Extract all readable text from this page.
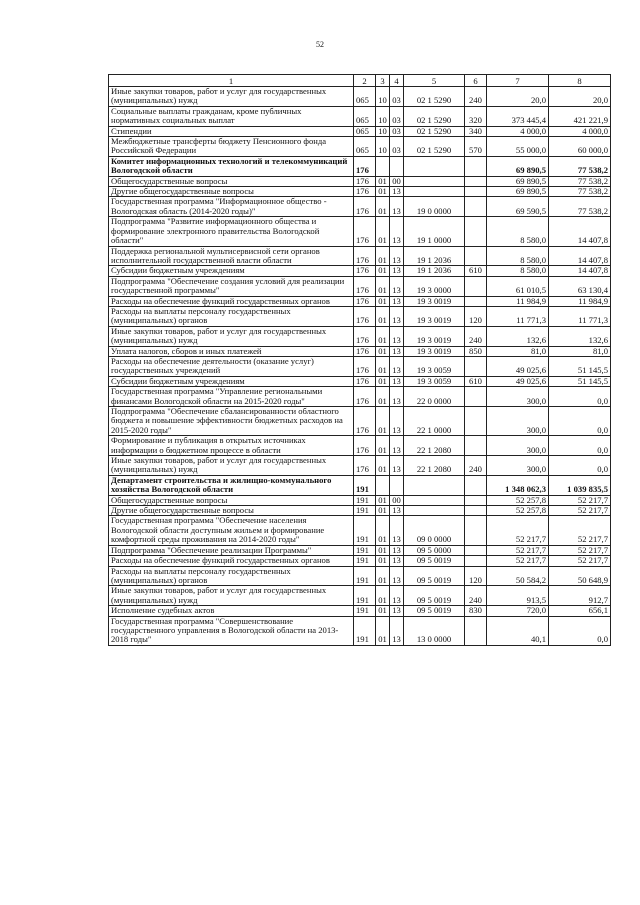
52
1	2	3	4	5	6	7	8
Иные закупки товаров, работ и услуг для государственных (муниципальных) нужд	065	10	03	02 1 5290	240	20,0	20,0
Социальные выплаты гражданам, кроме публичных нормативных социальных выплат	065	10	03	02 1 5290	320	373 445,4	421 221,9
Стипендии	065	10	03	02 1 5290	340	4 000,0	4 000,0
Межбюджетные трансферты бюджету Пенсионного фонда Российской Федерации	065	10	03	02 1 5290	570	55 000,0	60 000,0
Комитет информационных технологий и телекоммуникаций Вологодской области	176					69 890,5	77 538,2
Общегосударственные вопросы	176	01	00			69 890,5	77 538,2
Другие общегосударственные вопросы	176	01	13			69 890,5	77 538,2
Государственная программа "Информационное общество - Вологодская область (2014-2020 годы)"	176	01	13	19 0 0000		69 590,5	77 538,2
Подпрограмма "Развитие информационного общества и формирование электронного правительства Вологодской области"	176	01	13	19 1 0000		8 580,0	14 407,8
Поддержка региональной мультисервисной сети органов исполнительной государственной власти области	176	01	13	19 1 2036		8 580,0	14 407,8
Субсидии бюджетным учреждениям	176	01	13	19 1 2036	610	8 580,0	14 407,8
Подпрограмма "Обеспечение создания условий для реализации государственной программы"	176	01	13	19 3 0000		61 010,5	63 130,4
Расходы на обеспечение функций государственных органов	176	01	13	19 3 0019		11 984,9	11 984,9
Расходы на выплаты персоналу государственных (муниципальных) органов	176	01	13	19 3 0019	120	11 771,3	11 771,3
Иные закупки товаров, работ и услуг для государственных (муниципальных) нужд	176	01	13	19 3 0019	240	132,6	132,6
Уплата налогов, сборов и иных платежей	176	01	13	19 3 0019	850	81,0	81,0
Расходы на обеспечение деятельности (оказание услуг) государственных учреждений	176	01	13	19 3 0059		49 025,6	51 145,5
Субсидии бюджетным учреждениям	176	01	13	19 3 0059	610	49 025,6	51 145,5
Государственная программа "Управление региональными финансами Вологодской области на 2015-2020 годы"	176	01	13	22 0 0000		300,0	0,0
Подпрограмма "Обеспечение сбалансированности областного бюджета и повышение эффективности бюджетных расходов на 2015-2020 годы"	176	01	13	22 1 0000		300,0	0,0
Формирование и публикация в открытых источниках информации о бюджетном процессе в области	176	01	13	22 1 2080		300,0	0,0
Иные закупки товаров, работ и услуг для государственных (муниципальных) нужд	176	01	13	22 1 2080	240	300,0	0,0
Департамент строительства и жилищно-коммунального хозяйства Вологодской области	191					1 348 062,3	1 039 835,5
Общегосударственные вопросы	191	01	00			52 257,8	52 217,7
Другие общегосударственные вопросы	191	01	13			52 257,8	52 217,7
Государственная программа "Обеспечение населения Вологодской области доступным жильем и формирование комфортной среды проживания на 2014-2020 годы"	191	01	13	09 0 0000		52 217,7	52 217,7
Подпрограмма "Обеспечение реализации Программы"	191	01	13	09 5 0000		52 217,7	52 217,7
Расходы на обеспечение функций государственных органов	191	01	13	09 5 0019		52 217,7	52 217,7
Расходы на выплаты персоналу государственных (муниципальных) органов	191	01	13	09 5 0019	120	50 584,2	50 648,9
Иные закупки товаров, работ и услуг для государственных (муниципальных) нужд	191	01	13	09 5 0019	240	913,5	912,7
Исполнение судебных актов	191	01	13	09 5 0019	830	720,0	656,1
Государственная программа "Совершенствование государственного управления в Вологодской области на 2013-2018 годы"	191	01	13	13 0 0000		40,1	0,0
